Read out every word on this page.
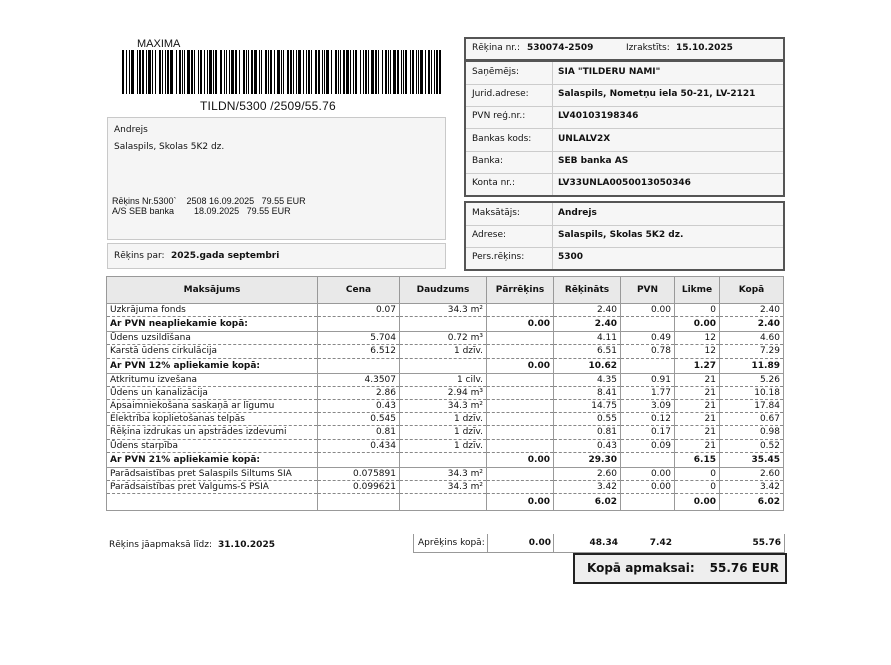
MAXIMA
TILDN/5300 /2509/55.76
Andrejs
Salaspils, Skolas 5K2 dz.
Rēķins Nr.5300`    2508 16.09.2025   79.55 EUR
A/S SEB banka        18.09.2025   79.55 EUR
Rēķins par: 2025.gada septembri
Rēķina nr.: 530074-2509	Izrakstīts: 15.10.2025
Saņēmējs:	SIA "TILDERU NAMI"
Jurid.adrese:	Salaspils, Nometņu iela 50-21, LV-2121
PVN reģ.nr.:	LV40103198346
Bankas kods:	UNLALV2X
Banka:	SEB banka AS
Konta nr.:	LV33UNLA0050013050346
Maksātājs:	Andrejs
Adrese:	Salaspils, Skolas 5K2 dz.
Pers.rēķins:	5300
Maksājums	Cena	Daudzums	Pārrēķins	Rēķināts	PVN	Likme	Kopā
Uzkrājuma fonds	0.07	34.3 m²		2.40	0.00	0	2.40
Ar PVN neapliekamie kopā:			0.00	2.40		0.00	2.40
Ūdens uzsildīšana	5.704	0.72 m³		4.11	0.49	12	4.60
Karstā ūdens cirkulācija	6.512	1 dzīv.		6.51	0.78	12	7.29
Ar PVN 12% apliekamie kopā:			0.00	10.62		1.27	11.89
Atkritumu izvešana	4.3507	1 cilv.		4.35	0.91	21	5.26
Ūdens un kanalizācija	2.86	2.94 m³		8.41	1.77	21	10.18
Apsaimniekošana saskaņā ar līgumu	0.43	34.3 m²		14.75	3.09	21	17.84
Elektrība koplietošanas telpās	0.545	1 dzīv.		0.55	0.12	21	0.67
Rēķina izdrukas un apstrādes izdevumi	0.81	1 dzīv.		0.81	0.17	21	0.98
Ūdens starpība	0.434	1 dzīv.		0.43	0.09	21	0.52
Ar PVN 21% apliekamie kopā:			0.00	29.30		6.15	35.45
Parādsaistības pret Salaspils Siltums SIA	0.075891	34.3 m²		2.60	0.00	0	2.60
Parādsaistības pret Valgums-S PSIA	0.099621	34.3 m²		3.42	0.00	0	3.42
			0.00	6.02		0.00	6.02
Rēķins jāapmaksā līdz: 31.10.2025	Aprēķins kopā:	0.00	48.34	7.42	55.76
Kopā apmaksai: 55.76 EUR
